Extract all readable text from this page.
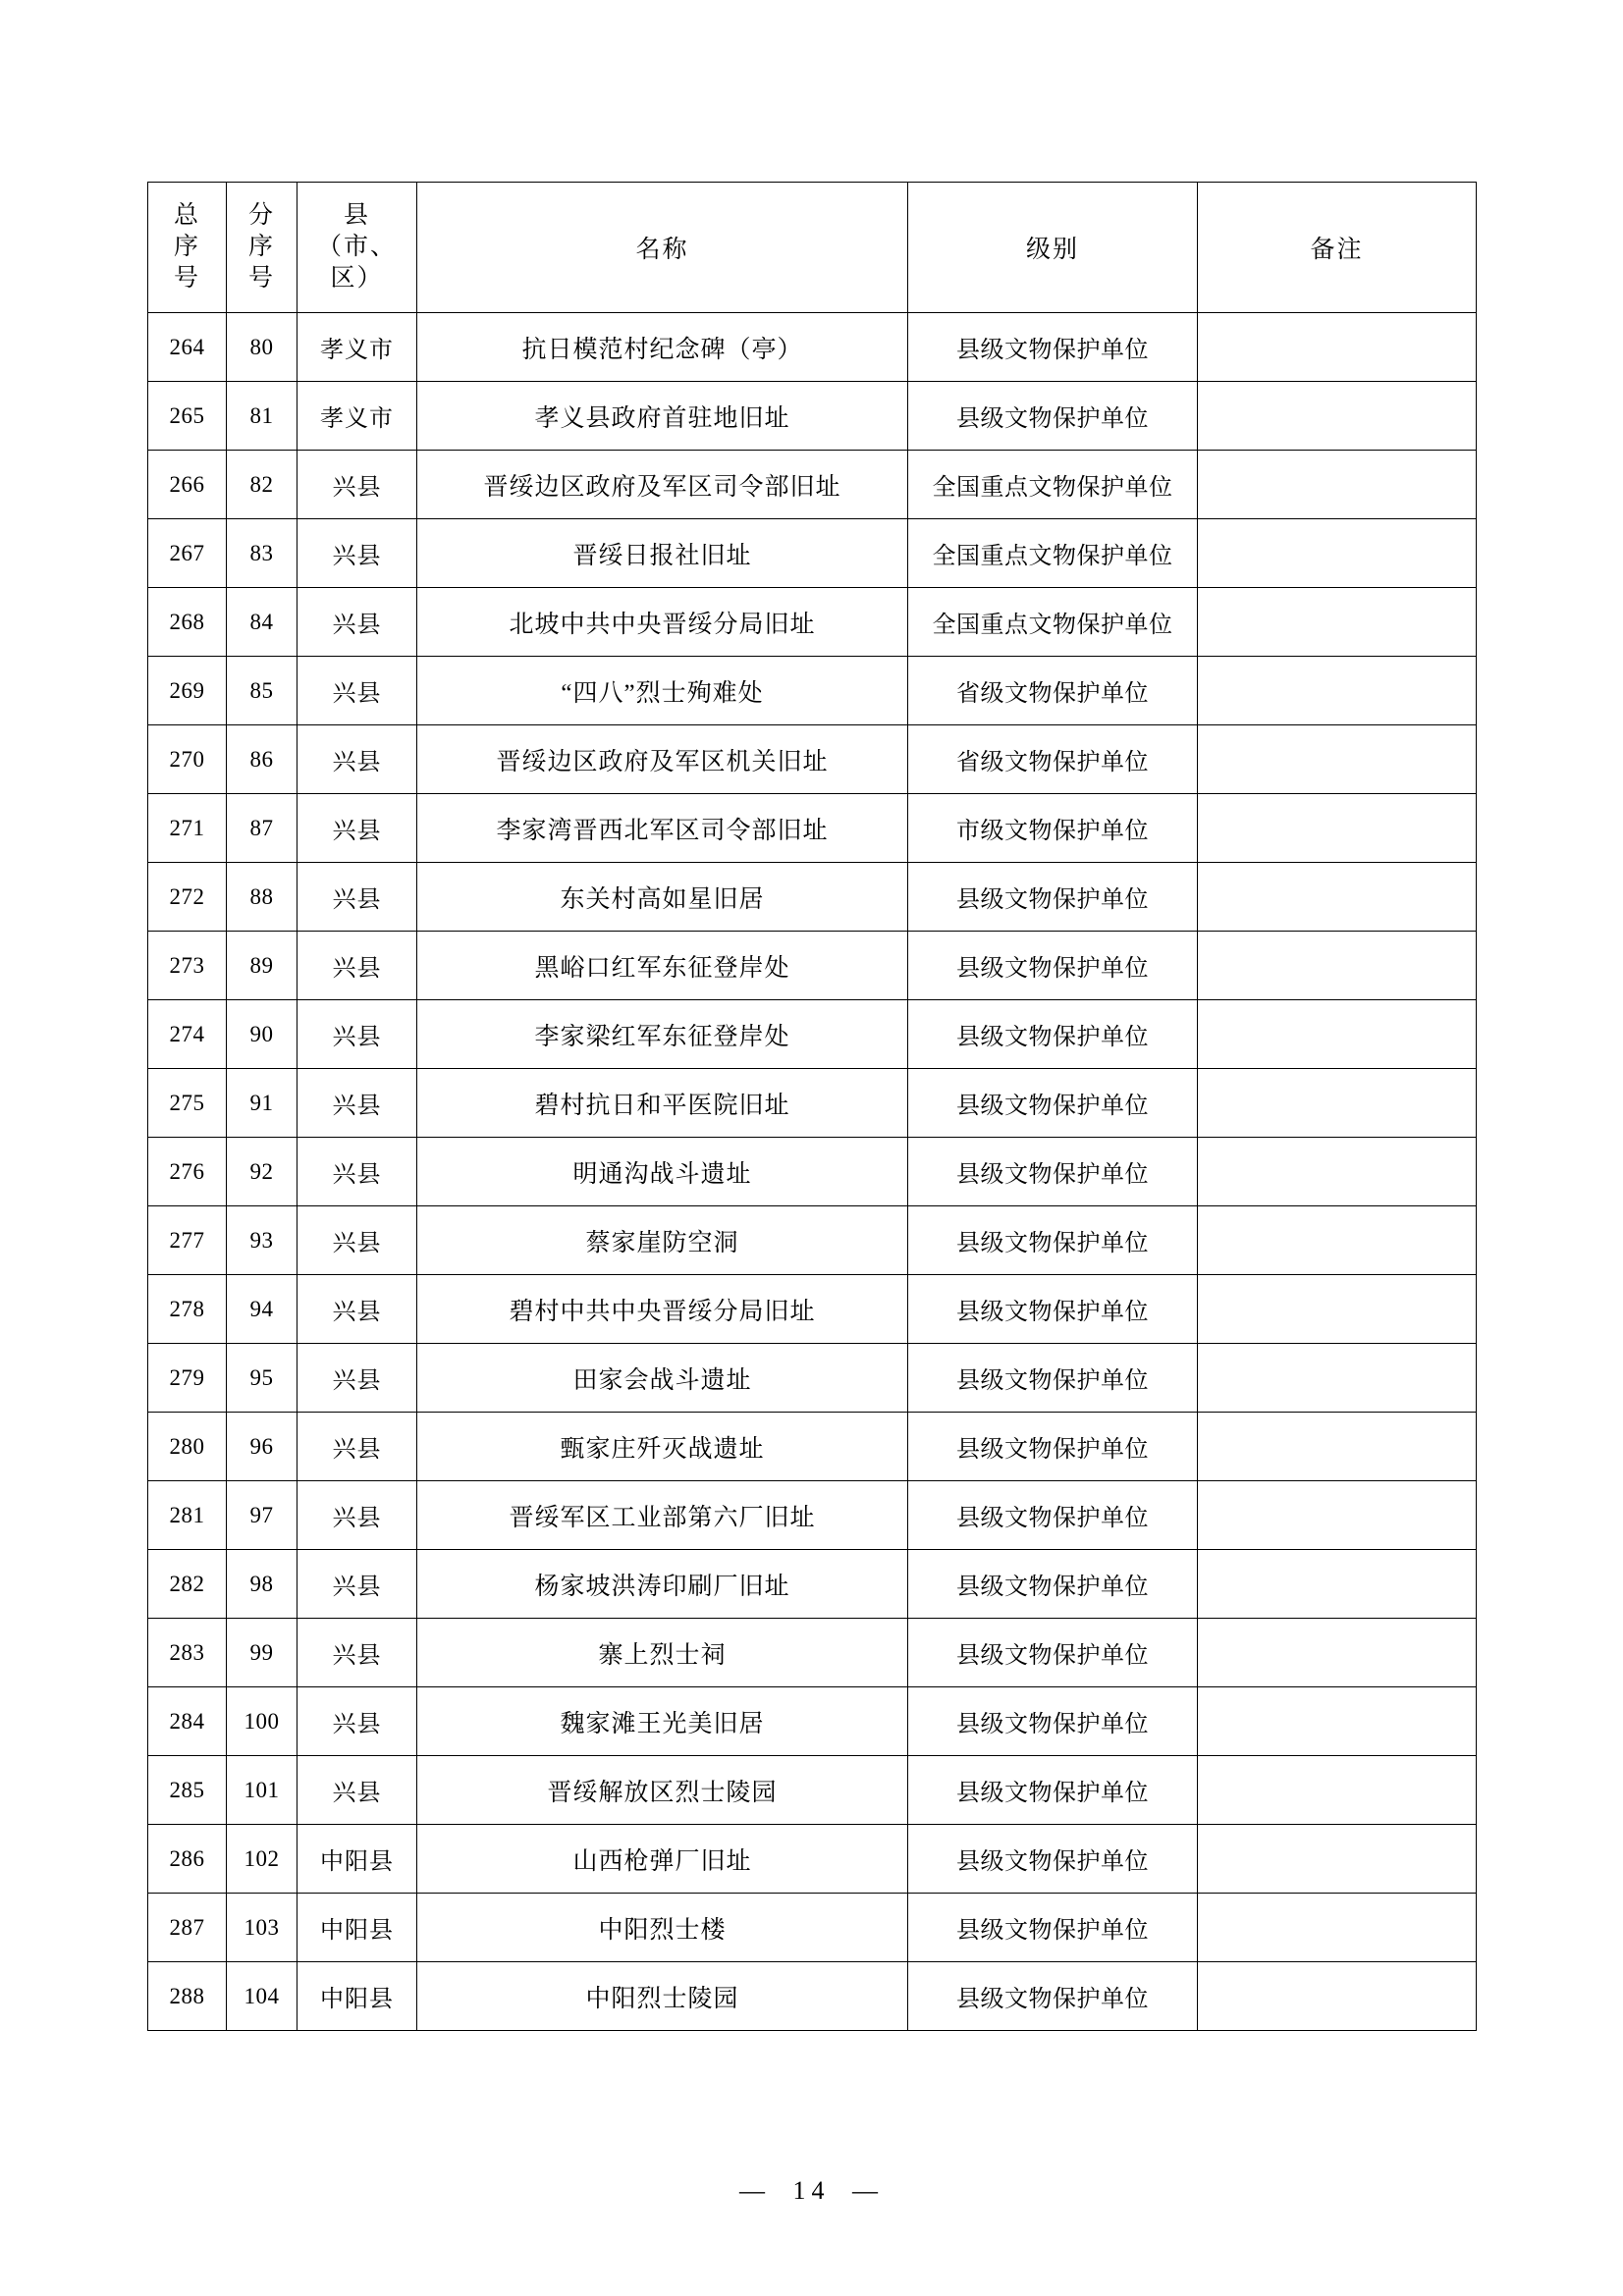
总
序
号	分
序
号	县
（市、
区）	名称	级别	备注
264	80	孝义市	抗日模范村纪念碑（亭）	县级文物保护单位	
265	81	孝义市	孝义县政府首驻地旧址	县级文物保护单位	
266	82	兴县	晋绥边区政府及军区司令部旧址	全国重点文物保护单位	
267	83	兴县	晋绥日报社旧址	全国重点文物保护单位	
268	84	兴县	北坡中共中央晋绥分局旧址	全国重点文物保护单位	
269	85	兴县	“四八”烈士殉难处	省级文物保护单位	
270	86	兴县	晋绥边区政府及军区机关旧址	省级文物保护单位	
271	87	兴县	李家湾晋西北军区司令部旧址	市级文物保护单位	
272	88	兴县	东关村高如星旧居	县级文物保护单位	
273	89	兴县	黑峪口红军东征登岸处	县级文物保护单位	
274	90	兴县	李家梁红军东征登岸处	县级文物保护单位	
275	91	兴县	碧村抗日和平医院旧址	县级文物保护单位	
276	92	兴县	明通沟战斗遗址	县级文物保护单位	
277	93	兴县	蔡家崖防空洞	县级文物保护单位	
278	94	兴县	碧村中共中央晋绥分局旧址	县级文物保护单位	
279	95	兴县	田家会战斗遗址	县级文物保护单位	
280	96	兴县	甄家庄歼灭战遗址	县级文物保护单位	
281	97	兴县	晋绥军区工业部第六厂旧址	县级文物保护单位	
282	98	兴县	杨家坡洪涛印刷厂旧址	县级文物保护单位	
283	99	兴县	寨上烈士祠	县级文物保护单位	
284	100	兴县	魏家滩王光美旧居	县级文物保护单位	
285	101	兴县	晋绥解放区烈士陵园	县级文物保护单位	
286	102	中阳县	山西枪弹厂旧址	县级文物保护单位	
287	103	中阳县	中阳烈士楼	县级文物保护单位	
288	104	中阳县	中阳烈士陵园	县级文物保护单位	
— 14 —
